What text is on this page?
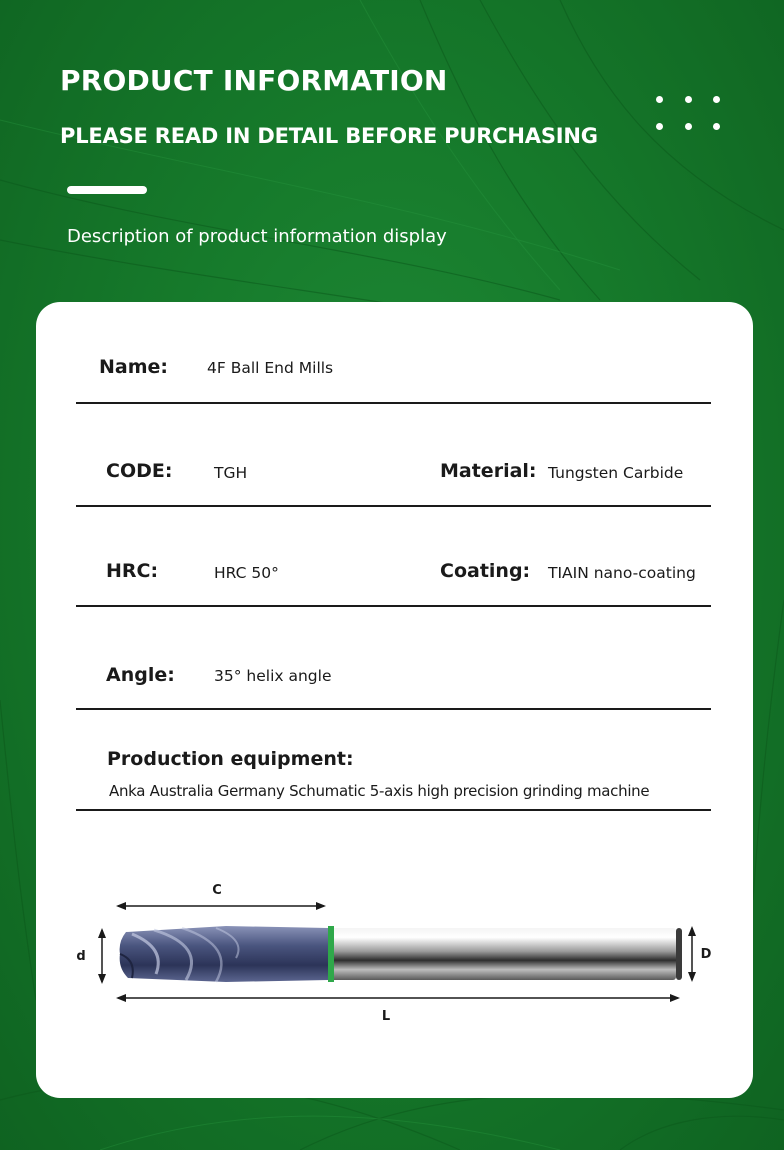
PRODUCT INFORMATION
PLEASE READ IN DETAIL BEFORE PURCHASING

Description of product information display

Name:	4F Ball End Mills

CODE:	TGH	Material: Tungsten Carbide

HRC:	HRC 50°	Coating: TIAIN nano-coating

Angle:	35° helix angle

Production equipment:

Anka Australia Germany Schumatic 5-axis high precision grinding machine

C
d	D
L
